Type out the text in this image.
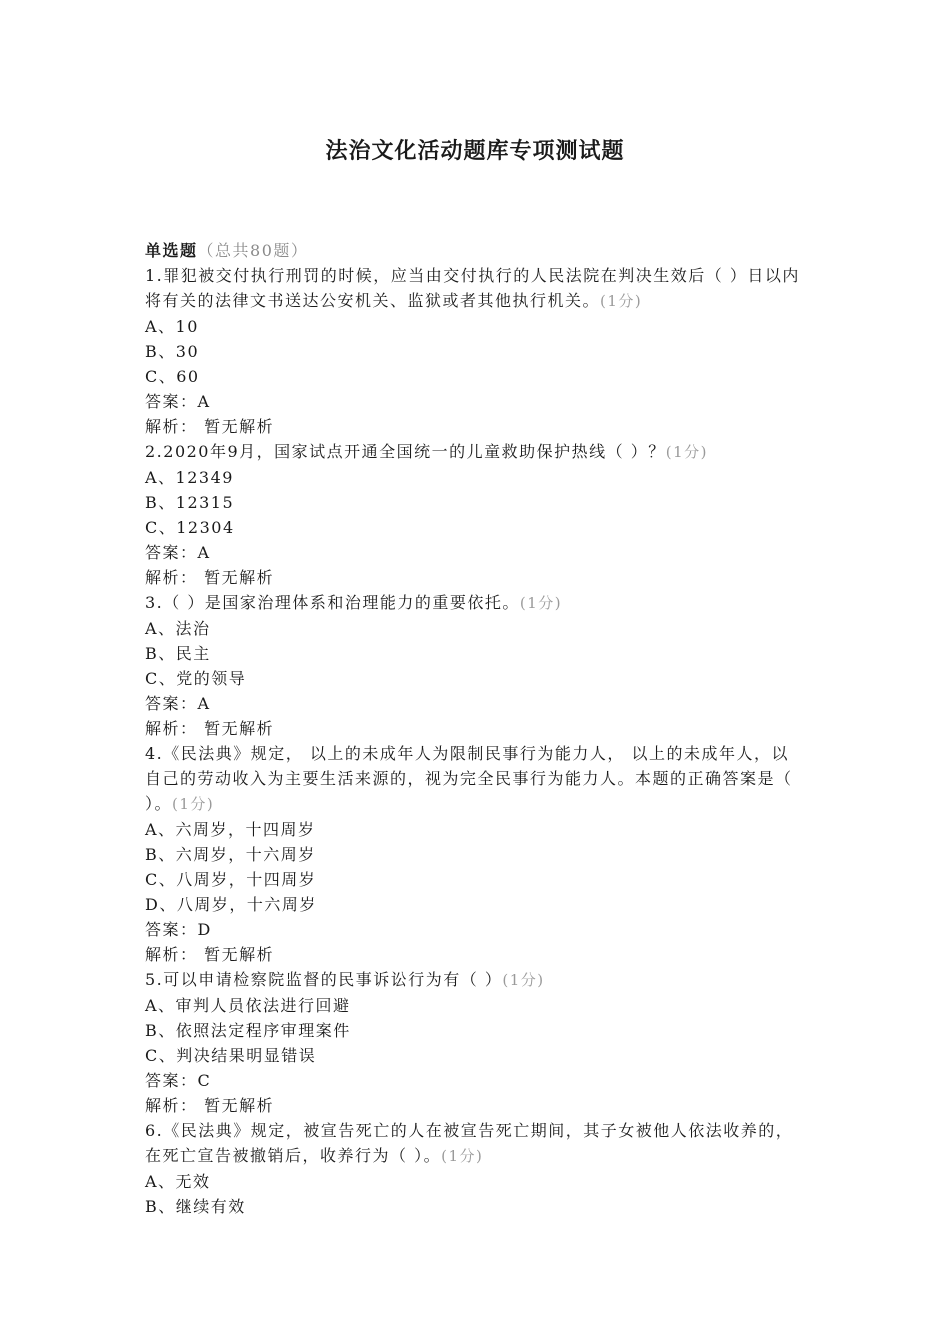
法治文化活动题库专项测试题
单选题（总共80题）
1.罪犯被交付执行刑罚的时候，应当由交付执行的人民法院在判决生效后（ ）日以内将有关的法律文书送达公安机关、监狱或者其他执行机关。(1分)
A、10
B、30
C、60
答案：A
解析： 暂无解析
2.2020年9月，国家试点开通全国统一的儿童救助保护热线（ ）？(1分)
A、12349
B、12315
C、12304
答案：A
解析： 暂无解析
3.（ ）是国家治理体系和治理能力的重要依托。(1分)
A、法治
B、民主
C、党的领导
答案：A
解析： 暂无解析
4.《民法典》规定， 以上的未成年人为限制民事行为能力人， 以上的未成年人，以自己的劳动收入为主要生活来源的，视为完全民事行为能力人。本题的正确答案是（ ）。(1分)
A、六周岁，十四周岁
B、六周岁，十六周岁
C、八周岁，十四周岁
D、八周岁，十六周岁
答案：D
解析： 暂无解析
5.可以申请检察院监督的民事诉讼行为有（ ）(1分)
A、审判人员依法进行回避
B、依照法定程序审理案件
C、判决结果明显错误
答案：C
解析： 暂无解析
6.《民法典》规定，被宣告死亡的人在被宣告死亡期间，其子女被他人依法收养的，在死亡宣告被撤销后，收养行为（ ）。(1分)
A、无效
B、继续有效
